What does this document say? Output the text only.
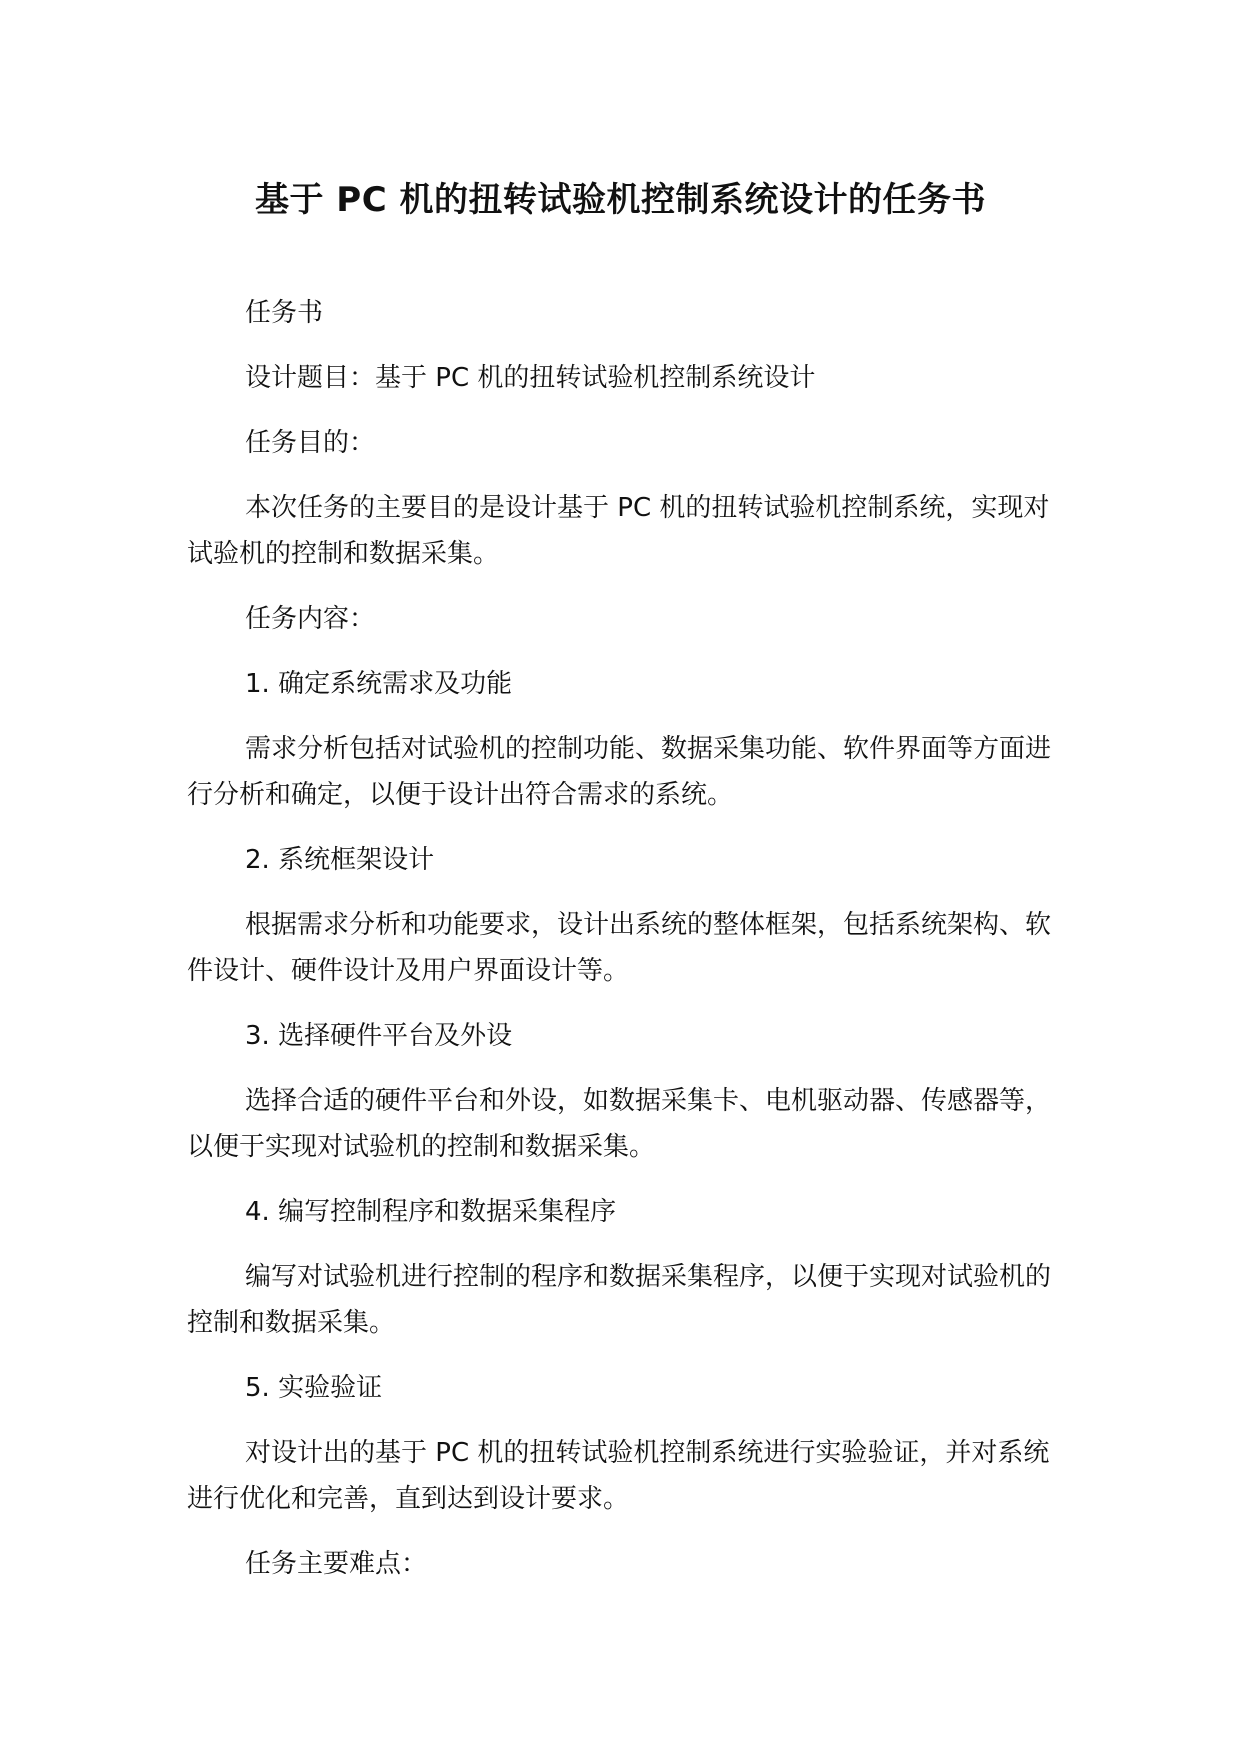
基于 PC 机的扭转试验机控制系统设计的任务书

任务书

设计题目：基于 PC 机的扭转试验机控制系统设计

任务目的：

本次任务的主要目的是设计基于 PC 机的扭转试验机控制系统，实现对试验机的控制和数据采集。

任务内容：

1. 确定系统需求及功能

需求分析包括对试验机的控制功能、数据采集功能、软件界面等方面进行分析和确定，以便于设计出符合需求的系统。

2. 系统框架设计

根据需求分析和功能要求，设计出系统的整体框架，包括系统架构、软件设计、硬件设计及用户界面设计等。

3. 选择硬件平台及外设

选择合适的硬件平台和外设，如数据采集卡、电机驱动器、传感器等，以便于实现对试验机的控制和数据采集。

4. 编写控制程序和数据采集程序

编写对试验机进行控制的程序和数据采集程序，以便于实现对试验机的控制和数据采集。

5. 实验验证

对设计出的基于 PC 机的扭转试验机控制系统进行实验验证，并对系统进行优化和完善，直到达到设计要求。

任务主要难点：
